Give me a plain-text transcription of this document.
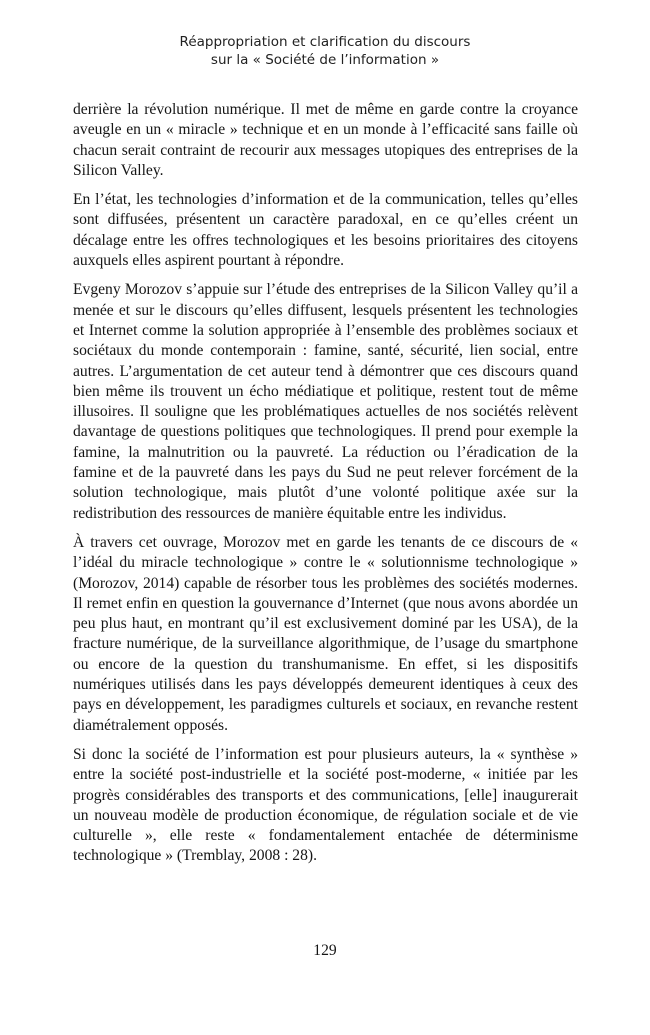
Réappropriation et clarification du discours
sur la « Société de l’information »

derrière la révolution numérique. Il met de même en garde contre la croyance aveugle en un « miracle » technique et en un monde à l’efficacité sans faille où chacun serait contraint de recourir aux messages utopiques des entreprises de la Silicon Valley.

En l’état, les technologies d’information et de la communication, telles qu’elles sont diffusées, présentent un caractère paradoxal, en ce qu’elles créent un décalage entre les offres technologiques et les besoins prioritaires des citoyens auxquels elles aspirent pourtant à répondre.

Evgeny Morozov s’appuie sur l’étude des entreprises de la Silicon Valley qu’il a menée et sur le discours qu’elles diffusent, lesquels présentent les technologies et Internet comme la solution appropriée à l’ensemble des problèmes sociaux et sociétaux du monde contemporain : famine, santé, sécurité, lien social, entre autres. L’argumentation de cet auteur tend à démontrer que ces discours quand bien même ils trouvent un écho médiatique et politique, restent tout de même illusoires. Il souligne que les problématiques actuelles de nos sociétés relèvent davantage de questions politiques que technologiques. Il prend pour exemple la famine, la malnutrition ou la pauvreté. La réduction ou l’éradication de la famine et de la pauvreté dans les pays du Sud ne peut relever forcément de la solution technologique, mais plutôt d’une volonté politique axée sur la redistribution des ressources de manière équitable entre les individus.

À travers cet ouvrage, Morozov met en garde les tenants de ce discours de « l’idéal du miracle technologique » contre le « solutionnisme technologique » (Morozov, 2014) capable de résorber tous les problèmes des sociétés modernes. Il remet enfin en question la gouvernance d’Internet (que nous avons abordée un peu plus haut, en montrant qu’il est exclusivement dominé par les USA), de la fracture numérique, de la surveillance algorithmique, de l’usage du smartphone ou encore de la question du transhumanisme. En effet, si les dispositifs numériques utilisés dans les pays développés demeurent identiques à ceux des pays en développement, les paradigmes culturels et sociaux, en revanche restent diamétralement opposés.

Si donc la société de l’information est pour plusieurs auteurs, la « synthèse » entre la société post-industrielle et la société post-moderne, « initiée par les progrès considérables des transports et des communications, [elle] inaugurerait un nouveau modèle de production économique, de régulation sociale et de vie culturelle », elle reste « fondamentalement entachée de déterminisme technologique » (Tremblay, 2008 : 28).

129
